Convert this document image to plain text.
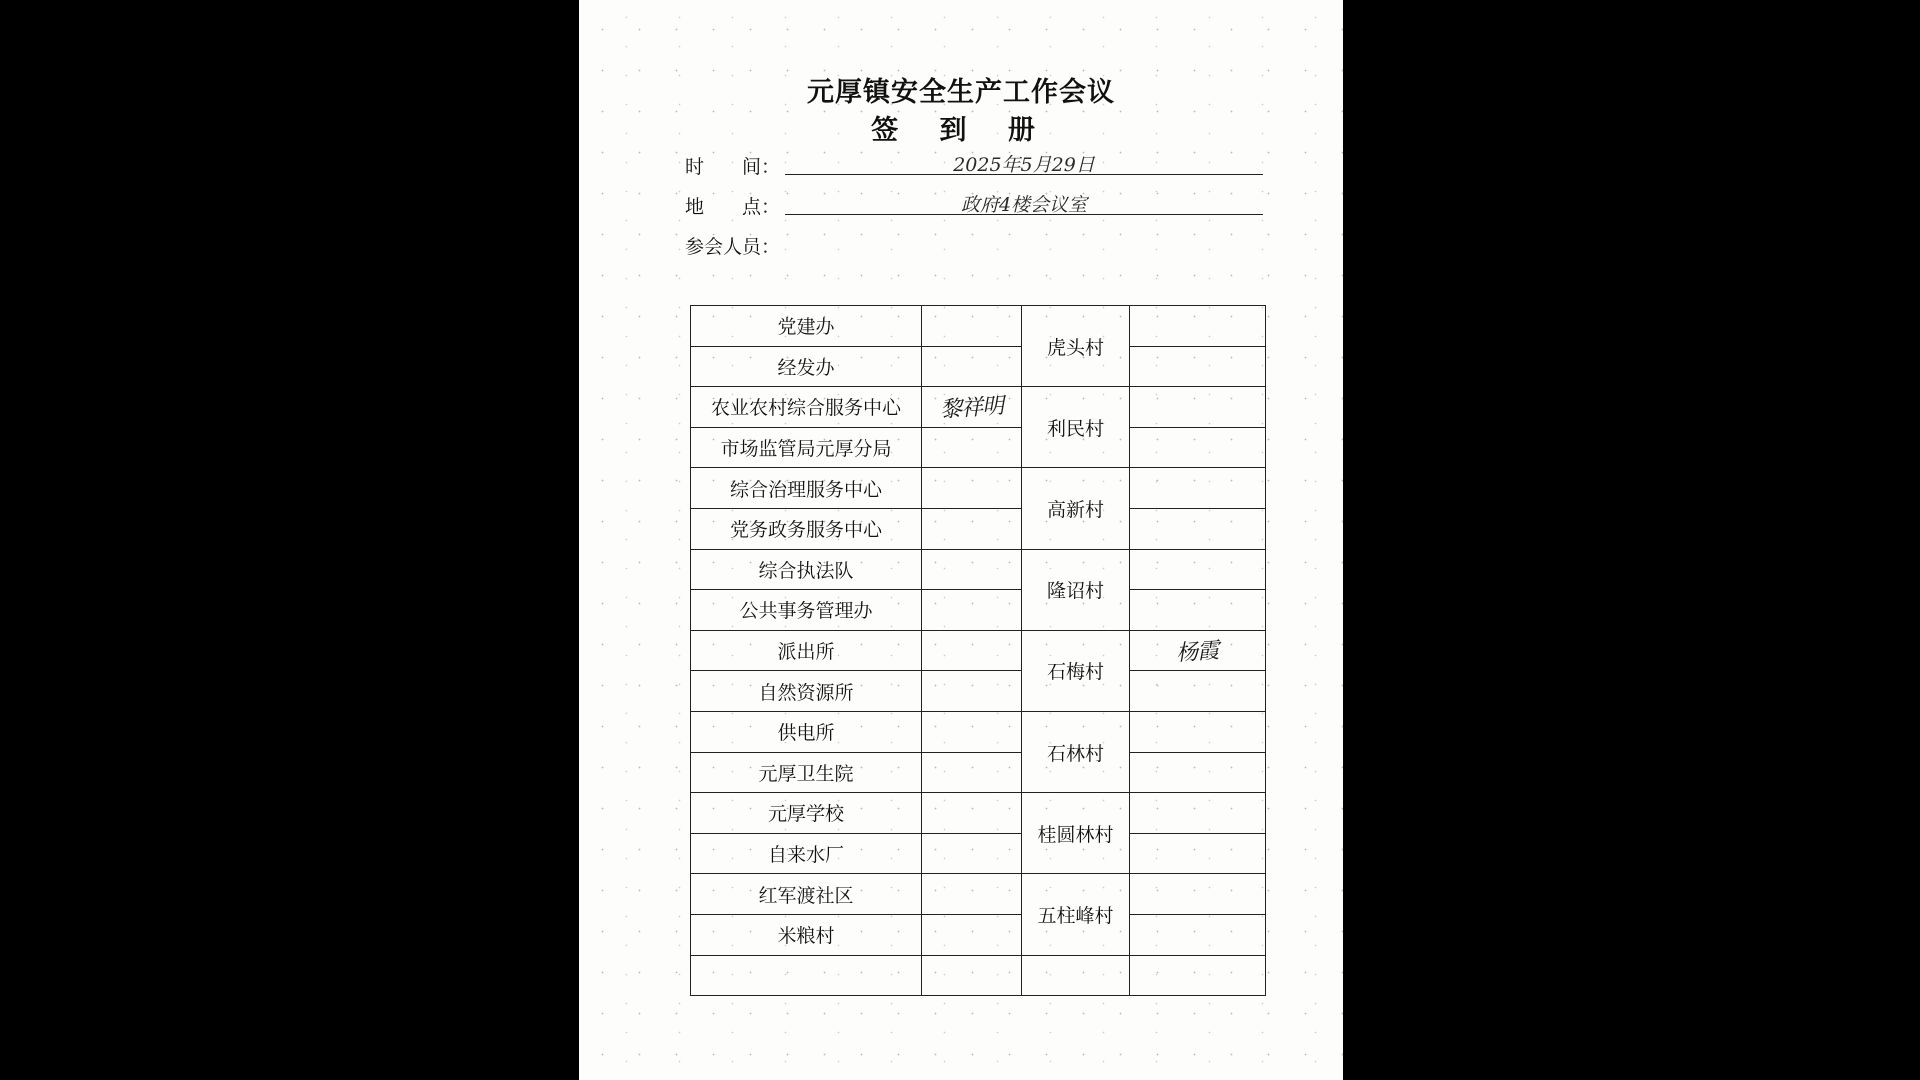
元厚镇安全生产工作会议
签 到 册
时　　间：	2025年5月29日
地　　点：	政府4楼会议室
参会人员：
党建办		虎头村	
经发办			
农业农村综合服务中心	黎祥明	利民村	
市场监管局元厚分局			
综合治理服务中心		高新村	
党务政务服务中心			
综合执法队		隆诏村	
公共事务管理办			
派出所		石梅村	杨霞
自然资源所			
供电所		石林村	
元厚卫生院			
元厚学校		桂圆林村	
自来水厂			
红军渡社区		五柱峰村	
米粮村			
